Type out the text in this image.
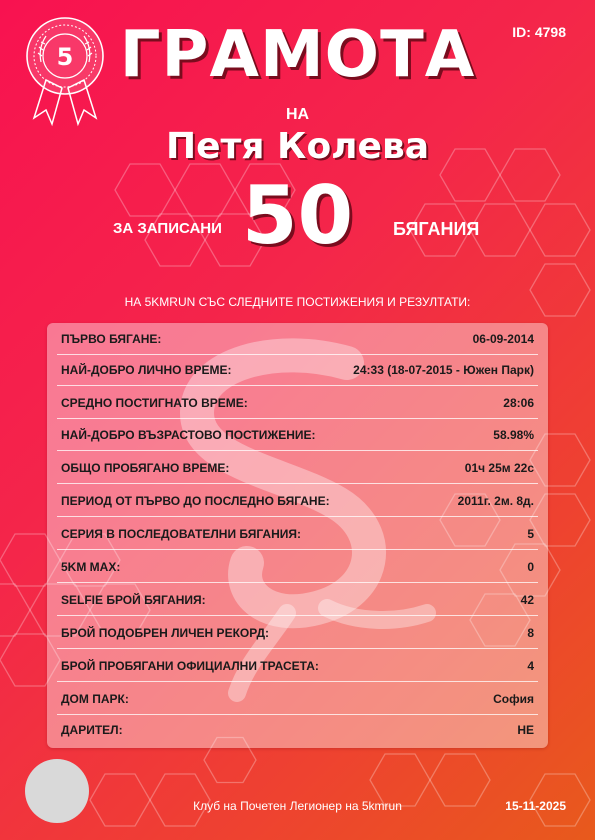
5 ГРАМОТА	ID: 4798
НА
Петя Колева
ЗА ЗАПИСАНИ 50	БЯГАНИЯ
НА 5KMRUN СЪС СЛЕДНИТЕ ПОСТИЖЕНИЯ И РЕЗУЛТАТИ:
ПЪРВО БЯГАНЕ:	06-09-2014
НАЙ-ДОБРО ЛИЧНО ВРЕМЕ:	24:33 (18-07-2015 - Южен Парк)
СРЕДНО ПОСТИГНАТО ВРЕМЕ:	28:06
НАЙ-ДОБРО ВЪЗРАСТОВО ПОСТИЖЕНИЕ:	58.98%
ОБЩО ПРОБЯГАНО ВРЕМЕ:	01ч 25м 22с
ПЕРИОД ОТ ПЪРВО ДО ПОСЛЕДНО БЯГАНЕ:	2011г. 2м. 8д.
СЕРИЯ В ПОСЛЕДОВАТЕЛНИ БЯГАНИЯ:	5
5KM MAX:	0
SELFIE БРОЙ БЯГАНИЯ:	42
БРОЙ ПОДОБРЕН ЛИЧЕН РЕКОРД:	8
БРОЙ ПРОБЯГАНИ ОФИЦИАЛНИ ТРАСЕТА:	4
ДОМ ПАРК:	София
ДАРИТЕЛ:	НЕ
Клуб на Почетен Легионер на 5kmrun	15-11-2025
